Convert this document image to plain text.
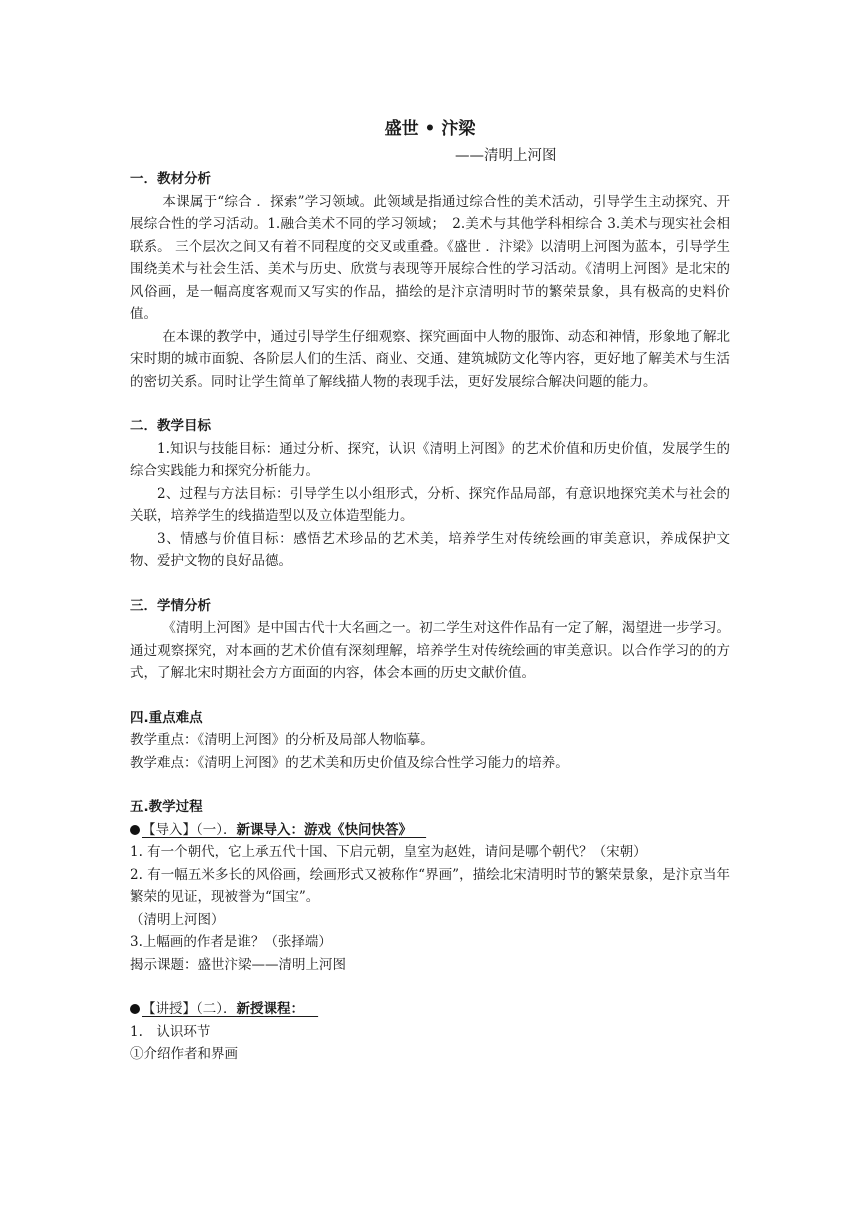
盛世 • 汴梁
——清明上河图
一．教材分析

本课属于“综合 ．探索”学习领域。此领域是指通过综合性的美术活动，引导学生主动探究、开展综合性的学习活动。1.融合美术不同的学习领域；　2.美术与其他学科相综合 3.美术与现实社会相联系。 三个层次之间又有着不同程度的交叉或重叠。《盛世 ．汴梁》以清明上河图为蓝本，引导学生围绕美术与社会生活、美术与历史、欣赏与表现等开展综合性的学习活动。《清明上河图》是北宋的风俗画，是一幅高度客观而又写实的作品，描绘的是汴京清明时节的繁荣景象，具有极高的史料价值。

在本课的教学中，通过引导学生仔细观察、探究画面中人物的服饰、动态和神情，形象地了解北宋时期的城市面貌、各阶层人们的生活、商业、交通、建筑城防文化等内容，更好地了解美术与生活的密切关系。同时让学生简单了解线描人物的表现手法，更好发展综合解决问题的能力。

二．教学目标

1.知识与技能目标：通过分析、探究，认识《清明上河图》的艺术价值和历史价值，发展学生的综合实践能力和探究分析能力。

2、过程与方法目标：引导学生以小组形式，分析、探究作品局部，有意识地探究美术与社会的关联，培养学生的线描造型以及立体造型能力。

3、情感与价值目标：感悟艺术珍品的艺术美，培养学生对传统绘画的审美意识，养成保护文物、爱护文物的良好品德。

三．学情分析

《清明上河图》是中国古代十大名画之一。初二学生对这件作品有一定了解，渴望进一步学习。通过观察探究，对本画的艺术价值有深刻理解，培养学生对传统绘画的审美意识。以合作学习的的方式，了解北宋时期社会方方面面的内容，体会本画的历史文献价值。

四.重点难点

教学重点：《清明上河图》的分析及局部人物临摹。

教学难点：《清明上河图》的艺术美和历史价值及综合性学习能力的培养。

五.教学过程

【导入】（一）．新课导入：游戏《快问快答》

1. 有一个朝代，它上承五代十国、下启元朝，皇室为赵姓，请问是哪个朝代？（宋朝）

2. 有一幅五米多长的风俗画，绘画形式又被称作“界画”，描绘北宋清明时节的繁荣景象，是汴京当年繁荣的见证，现被誉为“国宝”。

（清明上河图）

3.上幅画的作者是谁？（张择端）

揭示课题：盛世汴梁——清明上河图

【讲授】（二）．新授课程：

1.　认识环节

①介绍作者和界画
